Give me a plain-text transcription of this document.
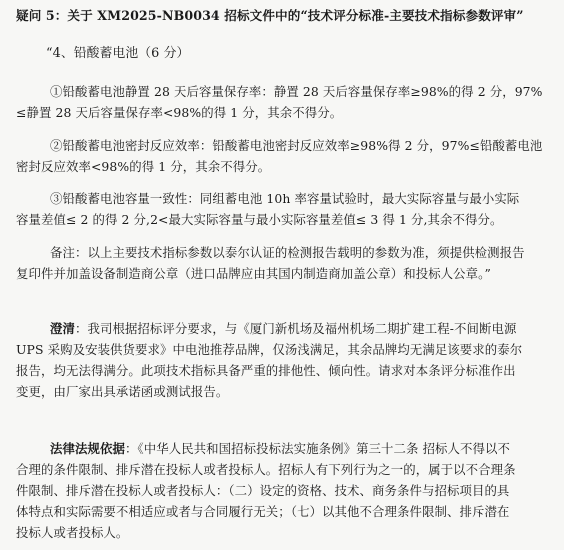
疑问 5：关于 XM2025-NB0034 招标文件中的“技术评分标准-主要技术指标参数评审”
“4、铅酸蓄电池（6 分）
①铅酸蓄电池静置 28 天后容量保存率：静置 28 天后容量保存率≥98%的得 2 分，97%
≤静置 28 天后容量保存率<98%的得 1 分，其余不得分。
②铅酸蓄电池密封反应效率：铅酸蓄电池密封反应效率≥98%得 2 分，97%≤铅酸蓄电池
密封反应效率<98%的得 1 分，其余不得分。
③铅酸蓄电池容量一致性：同组蓄电池 10h 率容量试验时，最大实际容量与最小实际
容量差值≤ 2 的得 2 分,2<最大实际容量与最小实际容量差值≤ 3 得 1 分,其余不得分。
备注：以上主要技术指标参数以泰尔认证的检测报告载明的参数为准，须提供检测报告
复印件并加盖设备制造商公章（进口品牌应由其国内制造商加盖公章）和投标人公章。”
澄清：我司根据招标评分要求，与《厦门新机场及福州机场二期扩建工程-不间断电源
UPS 采购及安装供货要求》中电池推荐品牌，仅汤浅满足，其余品牌均无满足该要求的泰尔
报告，均无法得满分。此项技术指标具备严重的排他性、倾向性。请求对本条评分标准作出
变更，由厂家出具承诺函或测试报告。
法律法规依据：《中华人民共和国招标投标法实施条例》第三十二条 招标人不得以不
合理的条件限制、排斥潜在投标人或者投标人。招标人有下列行为之一的，属于以不合理条
件限制、排斥潜在投标人或者投标人：（二）设定的资格、技术、商务条件与招标项目的具
体特点和实际需要不相适应或者与合同履行无关；（七）以其他不合理条件限制、排斥潜在
投标人或者投标人。
